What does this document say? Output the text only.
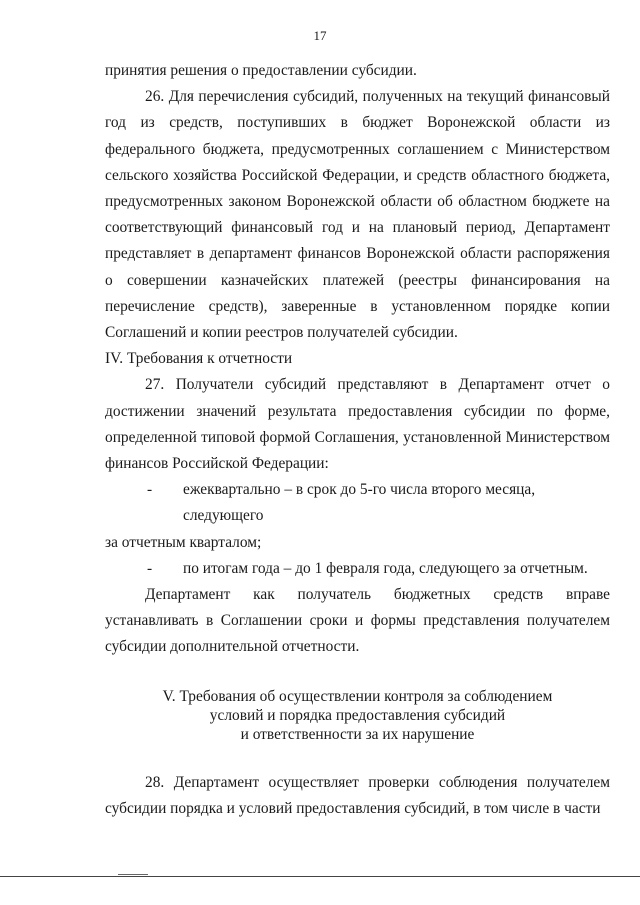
17

принятия решения о предоставлении субсидии.

26. Для перечисления субсидий, полученных на текущий финансовый год из средств, поступивших в бюджет Воронежской области из федерального бюджета, предусмотренных соглашением с Министерством сельского хозяйства Российской Федерации, и средств областного бюджета, предусмотренных законом Воронежской области об областном бюджете на соответствующий финансовый год и на плановый период, Департамент представляет в департамент финансов Воронежской области распоряжения о совершении казначейских платежей (реестры финансирования на перечисление средств), заверенные в установленном порядке копии Соглашений и копии реестров получателей субсидии.

IV. Требования к отчетности

27. Получатели субсидий представляют в Департамент отчет о достижении значений результата предоставления субсидии по форме, определенной типовой формой Соглашения, установленной Министерством финансов Российской Федерации:

-	ежеквартально – в срок до 5-го числа второго месяца, следующего

за отчетным кварталом;

-	по итогам года – до 1 февраля года, следующего за отчетным.

Департамент как получатель бюджетных средств вправе устанавливать в Соглашении сроки и формы представления получателем субсидии дополнительной отчетности.

V. Требования об осуществлении контроля за соблюдением
условий и порядка предоставления субсидий
и ответственности за их нарушение

28. Департамент осуществляет проверки соблюдения получателем субсидии порядка и условий предоставления субсидий, в том числе в части
